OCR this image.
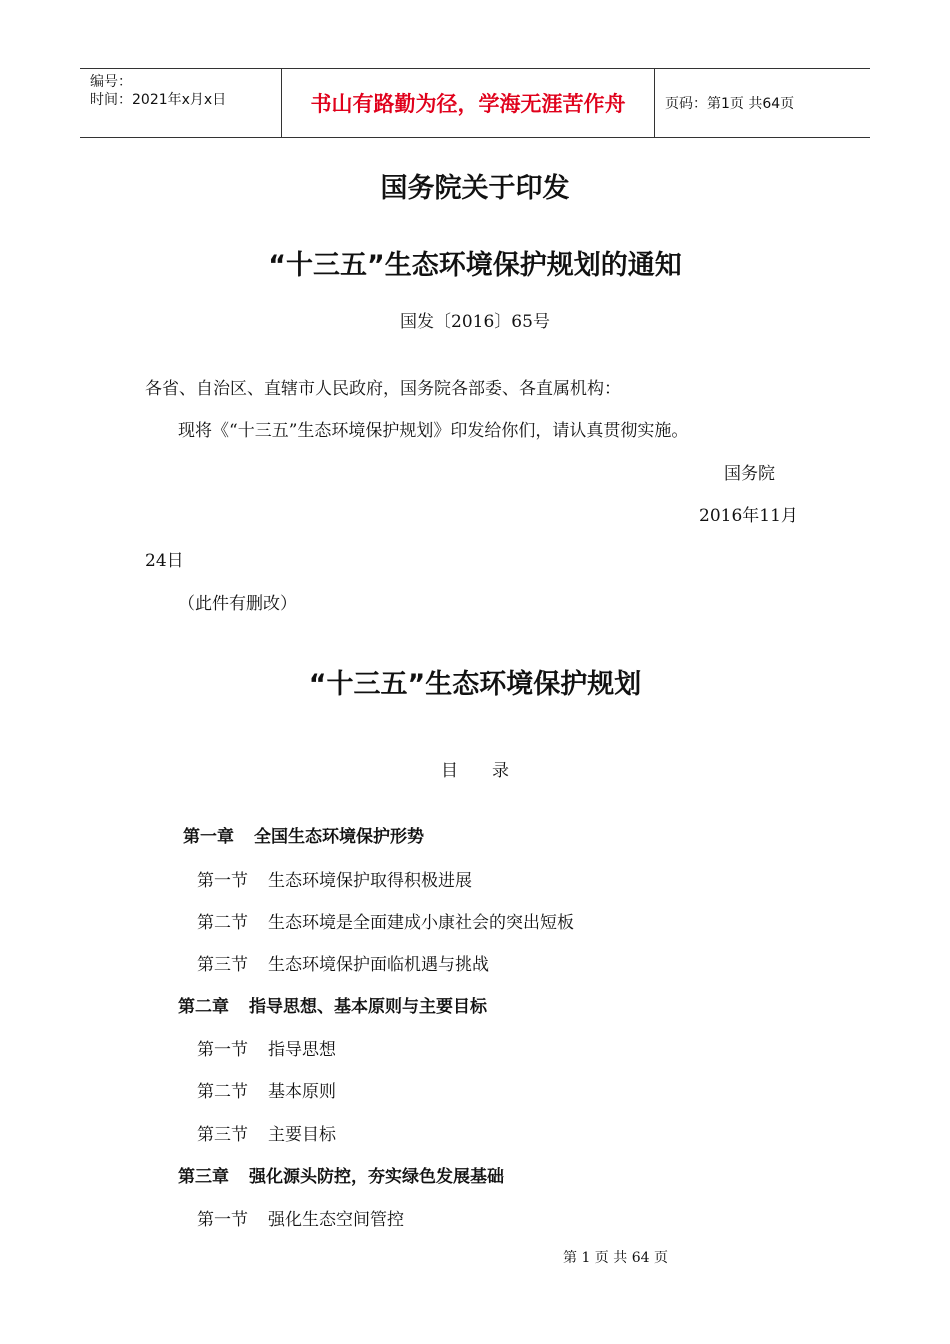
编号：
时间：2021年x月x日	书山有路勤为径，学海无涯苦作舟	页码：第1页 共64页
国务院关于印发
“十三五”生态环境保护规划的通知
国发〔2016〕65号
各省、自治区、直辖市人民政府，国务院各部委、各直属机构：
现将《“十三五”生态环境保护规划》印发给你们，请认真贯彻实施。
国务院
2016年11月
24日
（此件有删改）
“十三五”生态环境保护规划
目　　录
第一章 全国生态环境保护形势
第一节 生态环境保护取得积极进展
第二节 生态环境是全面建成小康社会的突出短板
第三节 生态环境保护面临机遇与挑战
第二章 指导思想、基本原则与主要目标
第一节 指导思想
第二节 基本原则
第三节 主要目标
第三章 强化源头防控，夯实绿色发展基础
第一节 强化生态空间管控
第 1 页 共 64 页
